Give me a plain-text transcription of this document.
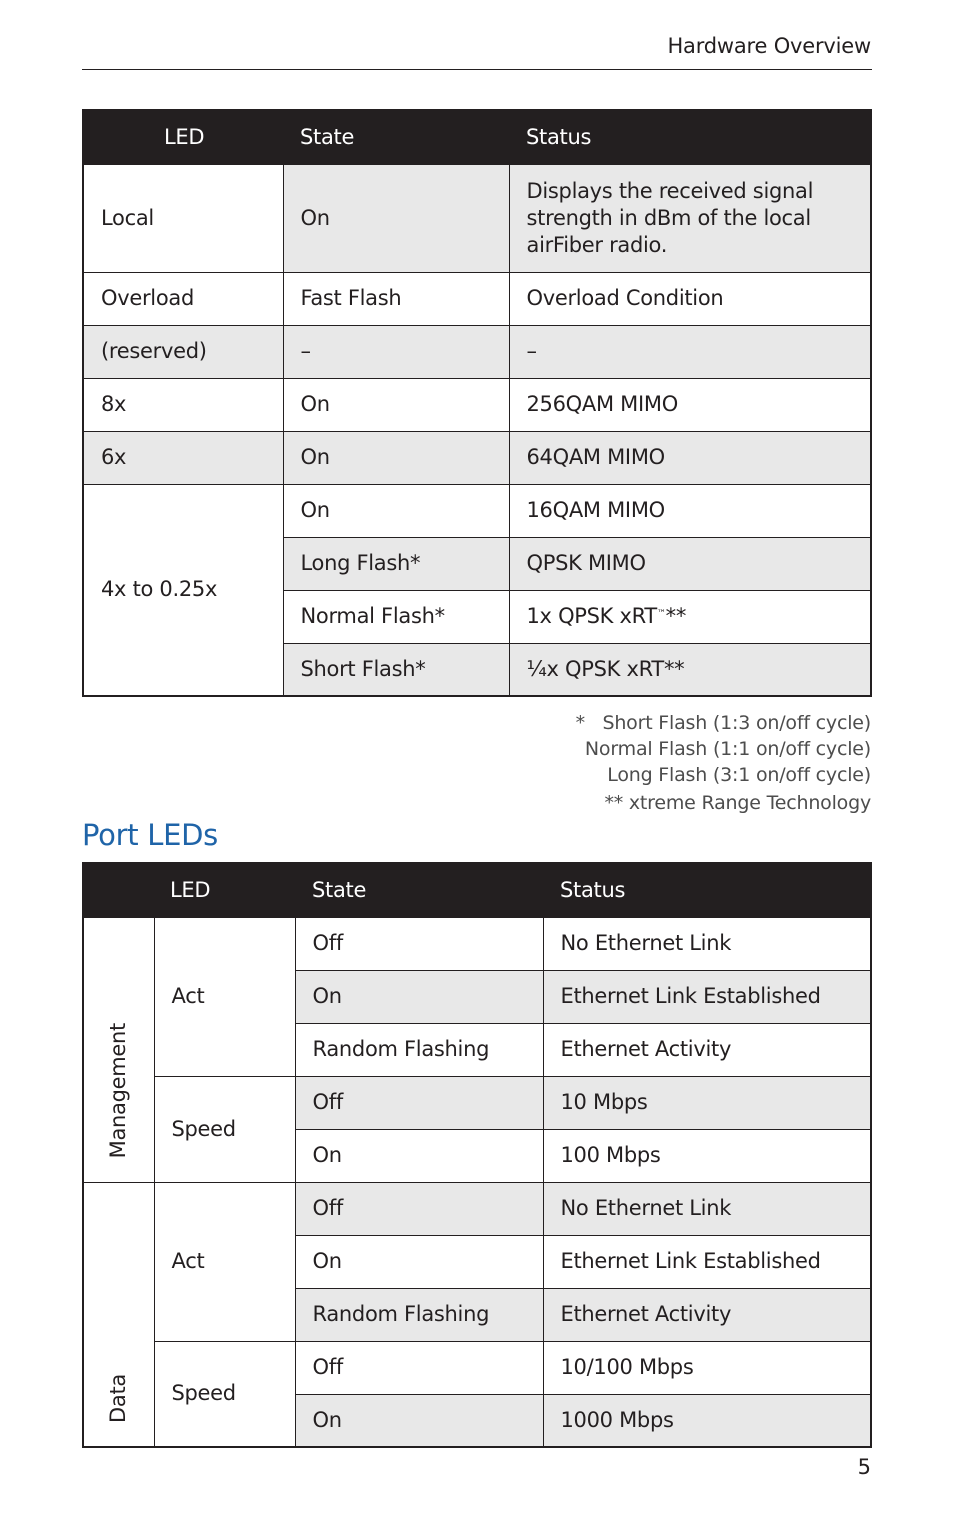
Hardware Overview
LED	State	Status
Local	On	Displays the received signal strength in dBm of the local airFiber radio.
Overload	Fast Flash	Overload Condition
(reserved)	–	–
8x	On	256QAM MIMO
6x	On	64QAM MIMO
4x to 0.25x	On	16QAM MIMO
	Long Flash*	QPSK MIMO
	Normal Flash*	1x QPSK xRT™**
	Short Flash*	¼x QPSK xRT**
*   Short Flash (1:3 on/off cycle)
Normal Flash (1:1 on/off cycle)
Long Flash (3:1 on/off cycle)
** xtreme Range Technology
Port LEDs
LED		State	Status
Management	Act	Off	No Ethernet Link
		On	Ethernet Link Established
		Random Flashing	Ethernet Activity
	Speed	Off	10 Mbps
		On	100 Mbps
Data	Act	Off	No Ethernet Link
		On	Ethernet Link Established
		Random Flashing	Ethernet Activity
	Speed	Off	10/100 Mbps
		On	1000 Mbps
5
